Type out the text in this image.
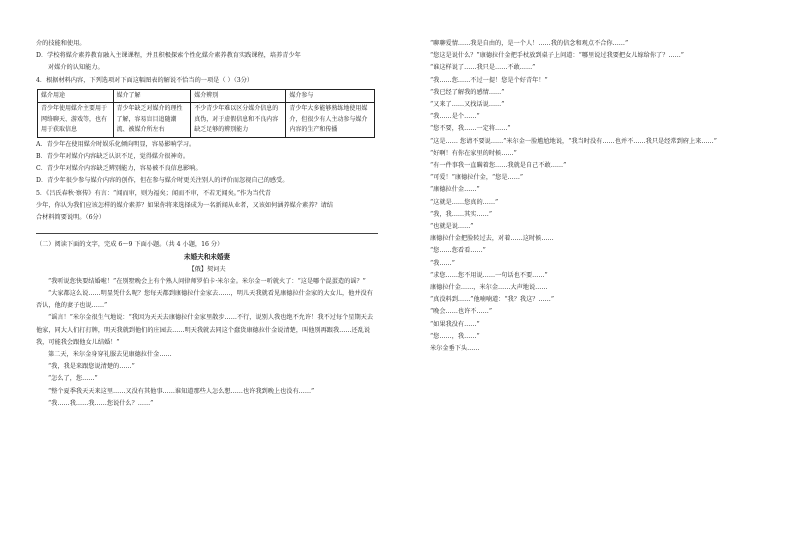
介的技能和使用。

D．学校将媒介素养教育融入主课课程，并且积极探索个性化媒介素养教育实践课程，培养青少年

对媒介的认知能力。

4．根据材料内容，下列选项对下面这幅图表的解说不恰当的一项是（ ）（3分）

媒介用途	媒介了解	媒介辨别	媒介参与
青少年使用媒介主要用于网络聊天、游戏等，也有用于获取信息	青少年缺乏对媒介的理性了解，容易盲目追随潮流、被媒介所左右	不少青少年难以区分媒介信息的真伪，对于虚假信息和不良内容缺乏足够的辨别能力	青少年大多能够熟练地使用媒介，但很少有人主动参与媒介内容的生产和传播

A．青少年在使用媒介时娱乐化倾向明显，容易影响学习。

B．青少年对媒介内容缺乏认识不足，觉得媒介很神奇。

C．青少年对媒介内容缺乏辨别能力，容易被不良信息影响。

D．青少年很少参与媒介内容的创作，但在参与媒介时更关注别人的评价而忽视自己的感受。

5．《吕氏春秋·察传》有言：“闻而审，则为福矣；闻而不审，不若无闻矣。”作为当代青

少年，你认为我们应该怎样的媒介素养？如果你将来选择成为一名新闻从业者，又该如何涵养媒介素养？请结

合材料简要说明。（6分）

（二）阅读下面的文字，完成 6～9 下面小题。（共 4 小题，16 分）

未婚夫和未婚妻

【俄】契诃夫

“我听说您快要结婚啦！”在别墅晚会上有个熟人问律师罗伯卡·米尔金。米尔金一听就火了：“这是哪个混蛋造的谣？”

“大家都这么说……明显凭什么呢？您每天都到康德拉什金家去……，明儿天我就看见康德拉什金家的大女儿，他并没有否认，他的妻子也说……”

“谣言！”米尔金很生气地说：“我因为天天去康德拉什金家里散步……不行，说别人我也绝不允许！我不过每个星期天去他家，同大人们打打牌，明天我就到他们的庄园去……明天我就去同这个蠢货康德拉什金说清楚，叫他别再跟我……还乱说我，可能我会跟他女儿结婚！”

第二天，米尔金身穿礼服去见康德拉什金……

“我，我是来跟您说清楚的……”

“怎么了，您……”

“整个夏季我天天来这里……又没有其他事……谁知道那些人怎么想……也许我到晚上也没有……”

“我……我……我……您说什么？……”

“聊聊爱情……我是自由的，是一个人！……我的信念和观点不合你……”

“您这是说什么？”康德拉什金把手杖放到桌子上问道：“哪里说过我要把女儿嫁给你了？……”

“谁这样说了……我只是……不敢……”

“我……您……不过一提！您是个好青年！”

“我已经了解我的感情……”

“又来了……又找话说……”

“我……是个……”

“您不要，我……一定将……”

“这是…… 您请不要说……”米尔金一脸尴尬地说，“我当时没有……也并不……我只是经常到府上来……”

“好啊！有你在家里的时候……”

“有一件事我一直瞒着您……我就是自己不敢……”

“可爱！”康德拉什金，“您是……”

“康德拉什金……”

“这就是……您真的……”

“我，我……其实……”

“也就是说……”

康德拉什金把脸转过去，对着……这时候……

“您……您看看……”

“我……”

“求您……您不用说……一句话也不要……”

康德拉什金……，米尔金……大声地说……

“真没料到……”他喃喃道：“我？我这？……”

“晚会……也许不……”

“如果我没有……”

“您……，我……”

米尔金垂下头……
